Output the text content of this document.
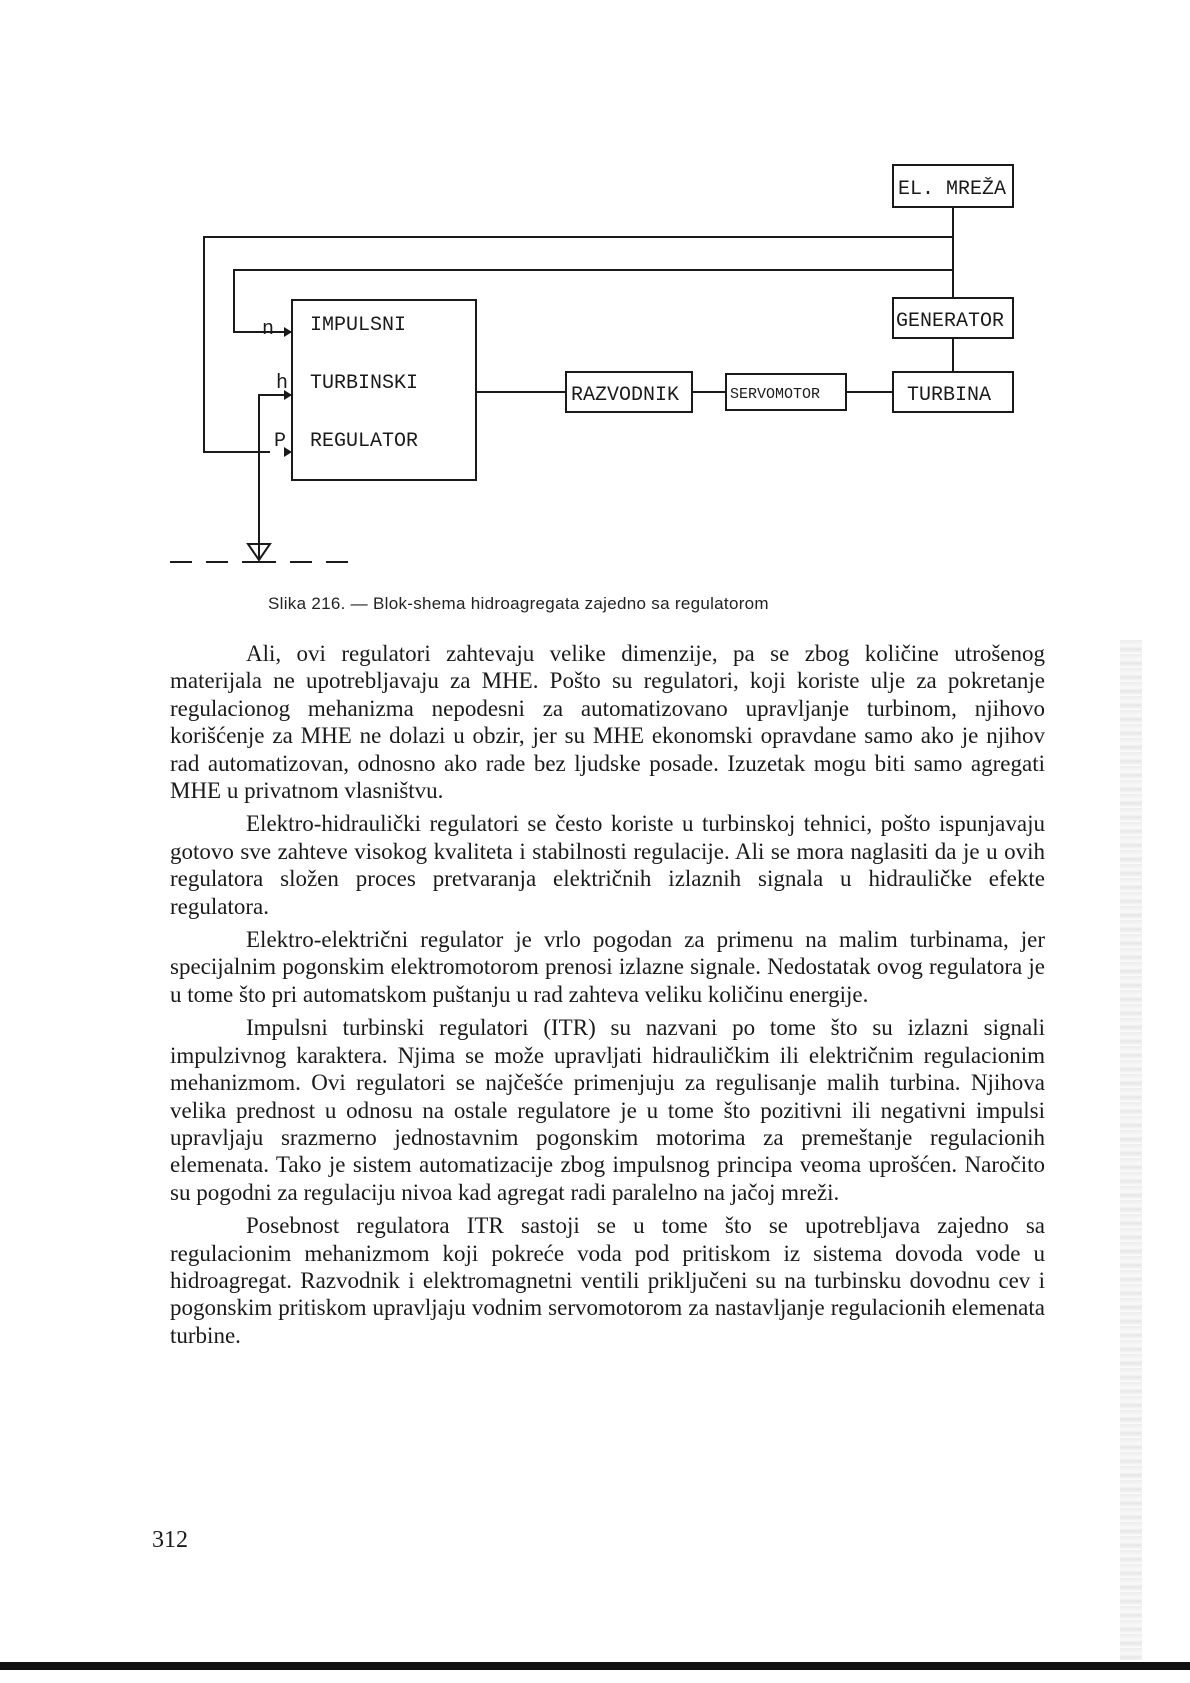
EL. MREŽA
GENERATOR
TURBINA
SERVOMOTOR
RAZVODNIK
IMPULSNI
TURBINSKI
REGULATOR
n
h
P
Slika 216. — Blok-shema hidroagregata zajedno sa regulatorom

Ali, ovi regulatori zahtevaju velike dimenzije, pa se zbog količine utrošenog materijala ne upotrebljavaju za MHE. Pošto su regulatori, koji koriste ulje za pokretanje regulacionog mehanizma nepodesni za automatizovano upravljanje turbinom, njihovo korišćenje za MHE ne dolazi u obzir, jer su MHE ekonomski opravdane samo ako je njihov rad automatizovan, odnosno ako rade bez ljudske posade. Izuzetak mogu biti samo agregati MHE u privatnom vlasništvu.

Elektro-hidraulički regulatori se često koriste u turbinskoj tehnici, pošto ispunjavaju gotovo sve zahteve visokog kvaliteta i stabilnosti regulacije. Ali se mora naglasiti da je u ovih regulatora složen proces pretvaranja električnih izlaznih signala u hidrauličke efekte regulatora.

Elektro-električni regulator je vrlo pogodan za primenu na malim turbinama, jer specijalnim pogonskim elektromotorom prenosi izlazne signale. Nedostatak ovog regulatora je u tome što pri automatskom puštanju u rad zahteva veliku količinu energije.

Impulsni turbinski regulatori (ITR) su nazvani po tome što su izlazni signali impulzivnog karaktera. Njima se može upravljati hidrauličkim ili električnim regulacionim mehanizmom. Ovi regulatori se najčešće primenjuju za regulisanje malih turbina. Njihova velika prednost u odnosu na ostale regulatore je u tome što pozitivni ili negativni impulsi upravljaju srazmerno jednostavnim pogonskim motorima za premeštanje regulacionih elemenata. Tako je sistem automatizacije zbog impulsnog principa veoma uprošćen. Naročito su pogodni za regulaciju nivoa kad agregat radi paralelno na jačoj mreži.

Posebnost regulatora ITR sastoji se u tome što se upotrebljava zajedno sa regulacionim mehanizmom koji pokreće voda pod pritiskom iz sistema dovoda vode u hidroagregat. Razvodnik i elektromagnetni ventili priključeni su na turbinsku dovodnu cev i pogonskim pritiskom upravljaju vodnim servomotorom za nastavljanje regulacionih elemenata turbine.

312
